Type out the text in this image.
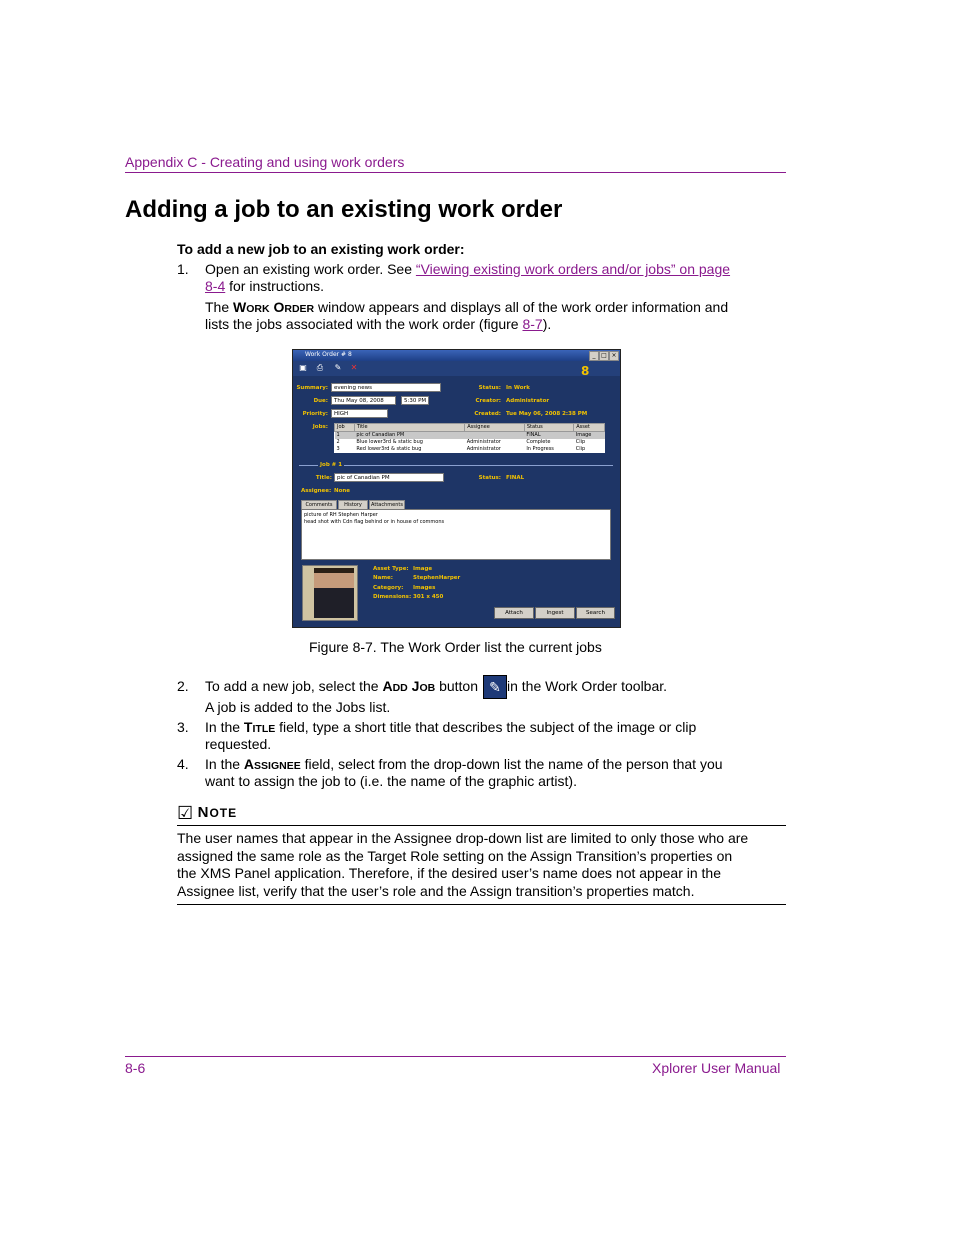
Appendix C - Creating and using work orders
Adding a job to an existing work order
To add a new job to an existing work order:
1. Open an existing work order. See “Viewing existing work orders and/or jobs” on page
8-4 for instructions.
The WORK ORDER window appears and displays all of the work order information and
lists the jobs associated with the work order (figure 8-7).
Work Order # 8	_ □ ×
▣ ⎙ ✎ ✕	8
Summary:	evening news
Due:	Thu May 08, 2008	5:30 PM
Priority:	HIGH
Jobs:
Status: In Work
Creator: Administrator
Created: Tue May 06, 2008 2:38 PM
Job	Title	Assignee	Status	Asset
1	pic of Canadian PM		FINAL	Image
2	Blue lower3rd & static bug	Administrator	Complete	Clip
3	Red lower3rd & static bug	Administrator	In Progress	Clip
Job # 1
Title: pic of Canadian PM	Status: FINAL
Assignee: None
Comments	History	Attachments
picture of RH Stephen Harper
head shot with Cdn flag behind or in house of commons
Asset Type: Image
Name:	StephenHarper
Category: Images
Dimensions: 301 x 450
Attach	Ingest	Search
Figure 8-7. The Work Order list the current jobs
2. To add a new job, select the ADD JOB button ✎ in the Work Order toolbar.
A job is added to the Jobs list.
3. In the TITLE field, type a short title that describes the subject of the image or clip
requested.
4. In the ASSIGNEE field, select from the drop-down list the name of the person that you
want to assign the job to (i.e. the name of the graphic artist).
☑ NOTE
The user names that appear in the Assignee drop-down list are limited to only those who are
assigned the same role as the Target Role setting on the Assign Transition’s properties on
the XMS Panel application. Therefore, if the desired user’s name does not appear in the
Assignee list, verify that the user’s role and the Assign transition’s properties match.
8-6	Xplorer User Manual
